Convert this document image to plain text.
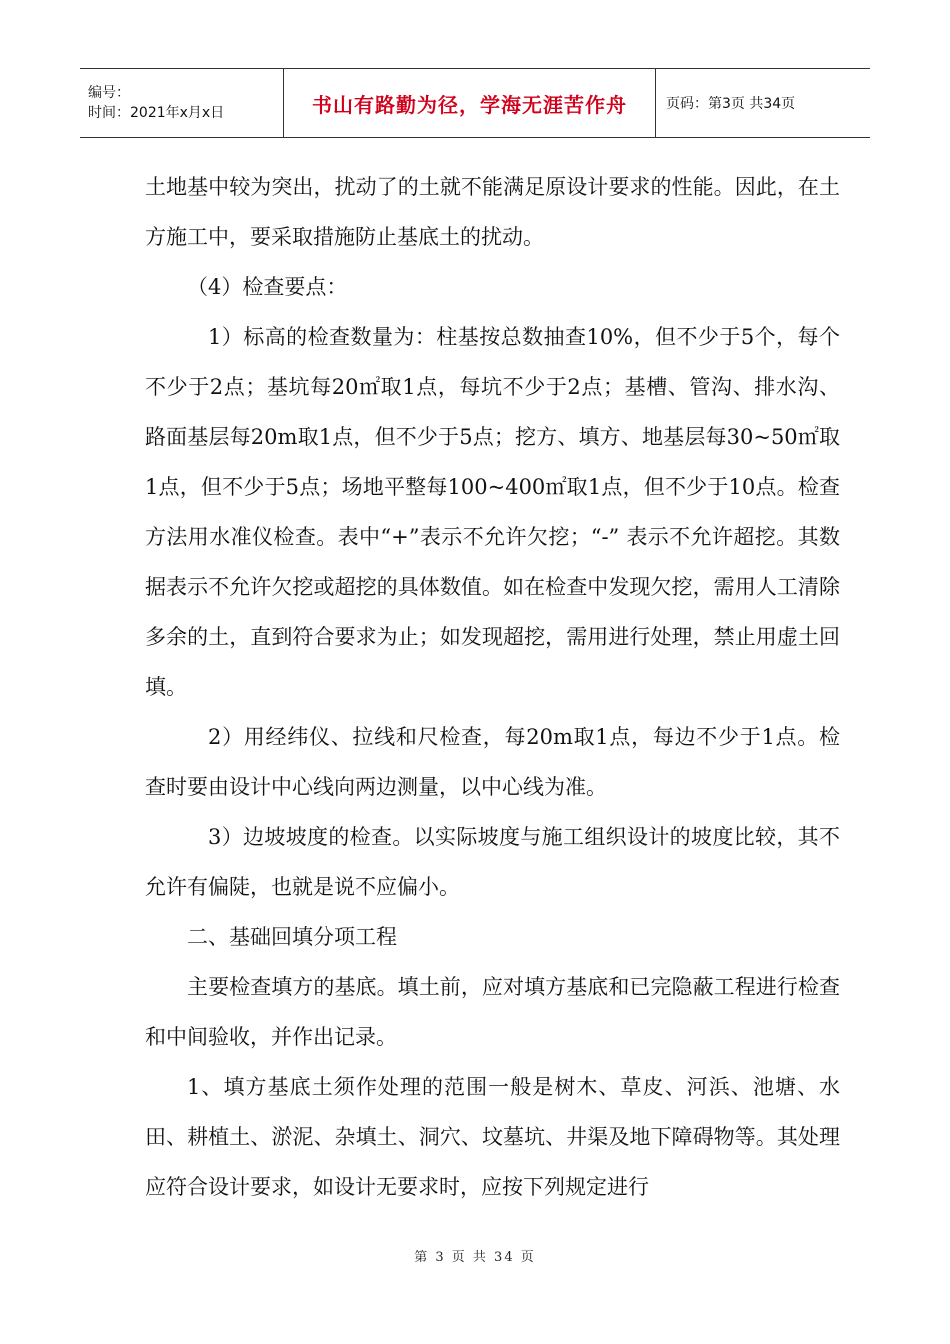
编号：
时间：2021年x月x日	书山有路勤为径，学海无涯苦作舟	页码：第3页 共34页

土地基中较为突出，扰动了的土就不能满足原设计要求的性能。因此，在土方施工中，要采取措施防止基底土的扰动。

（4）检查要点：

1）标高的检查数量为：柱基按总数抽查10%，但不少于5个，每个不少于2点；基坑每20㎡取1点，每坑不少于2点；基槽、管沟、排水沟、路面基层每20m取1点，但不少于5点；挖方、填方、地基层每30~50㎡取1点，但不少于5点；场地平整每100~400㎡取1点，但不少于10点。检查方法用水准仪检查。表中“+”表示不允许欠挖；“-” 表示不允许超挖。其数据表示不允许欠挖或超挖的具体数值。如在检查中发现欠挖，需用人工清除多余的土，直到符合要求为止；如发现超挖，需用进行处理，禁止用虚土回填。

2）用经纬仪、拉线和尺检查，每20m取1点，每边不少于1点。检查时要由设计中心线向两边测量，以中心线为准。

3）边坡坡度的检查。以实际坡度与施工组织设计的坡度比较，其不允许有偏陡，也就是说不应偏小。

二、基础回填分项工程

主要检查填方的基底。填土前，应对填方基底和已完隐蔽工程进行检查和中间验收，并作出记录。

1、填方基底土须作处理的范围一般是树木、草皮、河浜、池塘、水田、耕植土、淤泥、杂填土、洞穴、坟墓坑、井渠及地下障碍物等。其处理应符合设计要求，如设计无要求时，应按下列规定进行

第 3 页 共 34 页
